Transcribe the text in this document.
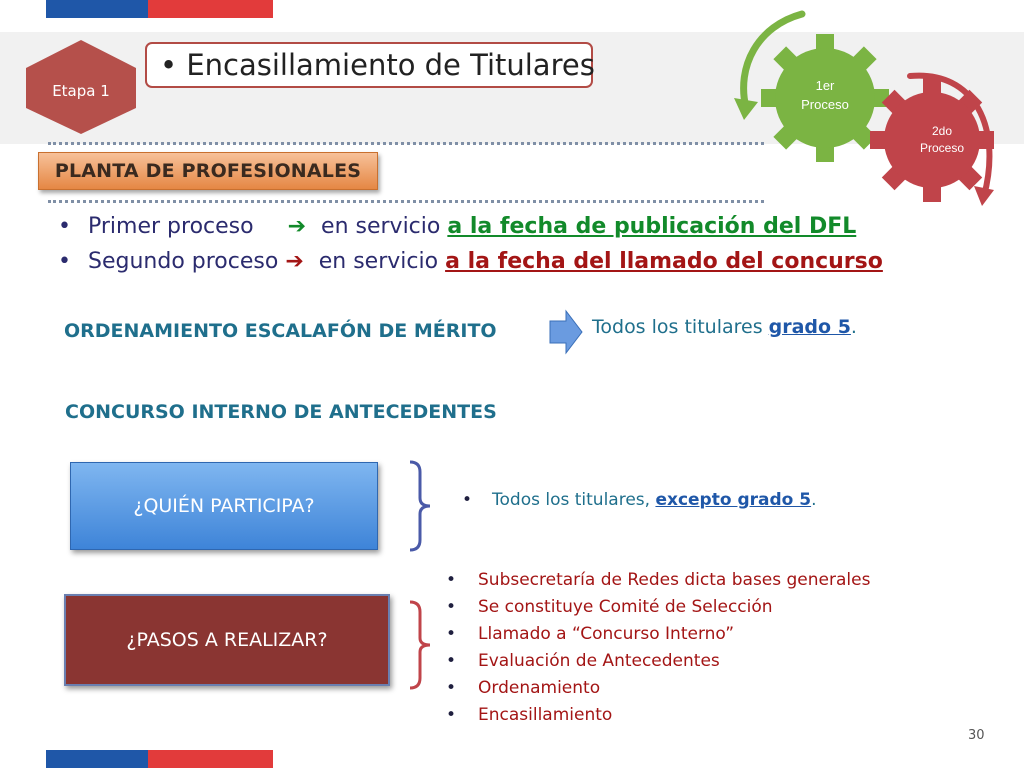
Etapa 1
• Encasillamiento de Titulares
1er
Proceso
2do
Proceso
PLANTA DE PROFESIONALES
• Primer proceso ➔ en servicio a la fecha de publicación del DFL
• Segundo proceso ➔ en servicio a la fecha del llamado del concurso
ORDENAMIENTO ESCALAFÓN DE MÉRITO	Todos los titulares grado 5.
CONCURSO INTERNO DE ANTECEDENTES
¿QUIÉN PARTICIPA?	• Todos los titulares, excepto grado 5.
¿PASOS A REALIZAR?
• Subsecretaría de Redes dicta bases generales
• Se constituye Comité de Selección
• Llamado a “Concurso Interno”
• Evaluación de Antecedentes
• Ordenamiento
• Encasillamiento
30
